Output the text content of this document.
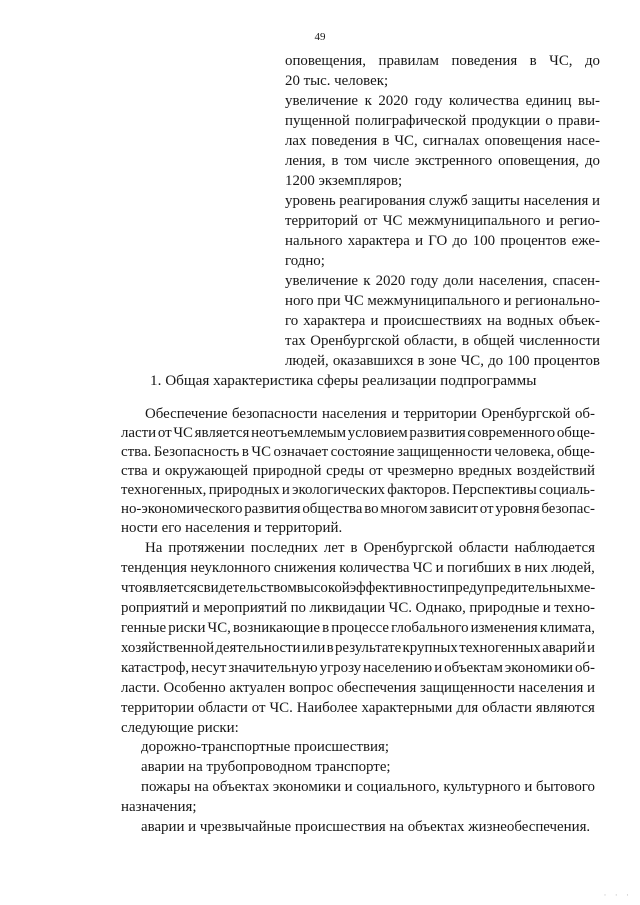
49
оповещения, правилам поведения в ЧС, до
20 тыс. человек;
увеличение к 2020 году количества единиц вы-
пущенной полиграфической продукции о прави-
лах поведения в ЧС, сигналах оповещения насе-
ления, в том числе экстренного оповещения, до
1200 экземпляров;
уровень реагирования служб защиты населения и
территорий от ЧС межмуниципального и регио-
нального характера и ГО до 100 процентов еже-
годно;
увеличение к 2020 году доли населения, спасен-
ного при ЧС межмуниципального и регионально-
го характера и происшествиях на водных объек-
тах Оренбургской области, в общей численности
людей, оказавшихся в зоне ЧС, до 100 процентов
1. Общая характеристика сферы реализации подпрограммы
Обеспечение безопасности населения и территории Оренбургской об-
ласти от ЧС является неотъемлемым условием развития современного обще-
ства. Безопасность в ЧС означает состояние защищенности человека, обще-
ства и окружающей природной среды от чрезмерно вредных воздействий
техногенных, природных и экологических факторов. Перспективы социаль-
но-экономического развития общества во многом зависит от уровня безопас-
ности его населения и территорий.
На протяжении последних лет в Оренбургской области наблюдается
тенденция неуклонного снижения количества ЧС и погибших в них людей,
что является свидетельством высокой эффективности предупредительных ме-
роприятий и мероприятий по ликвидации ЧС. Однако, природные и техно-
генные риски ЧС, возникающие в процессе глобального изменения климата,
хозяйственной деятельности или в результате крупных техногенных аварий и
катастроф, несут значительную угрозу населению и объектам экономики об-
ласти. Особенно актуален вопрос обеспечения защищенности населения и
территории области от ЧС. Наиболее характерными для области являются
следующие риски:
дорожно-транспортные происшествия;
аварии на трубопроводном транспорте;
пожары на объектах экономики и социального, культурного и бытового
назначения;
аварии и чрезвычайные происшествия на объектах жизнеобеспечения.
· · ·
